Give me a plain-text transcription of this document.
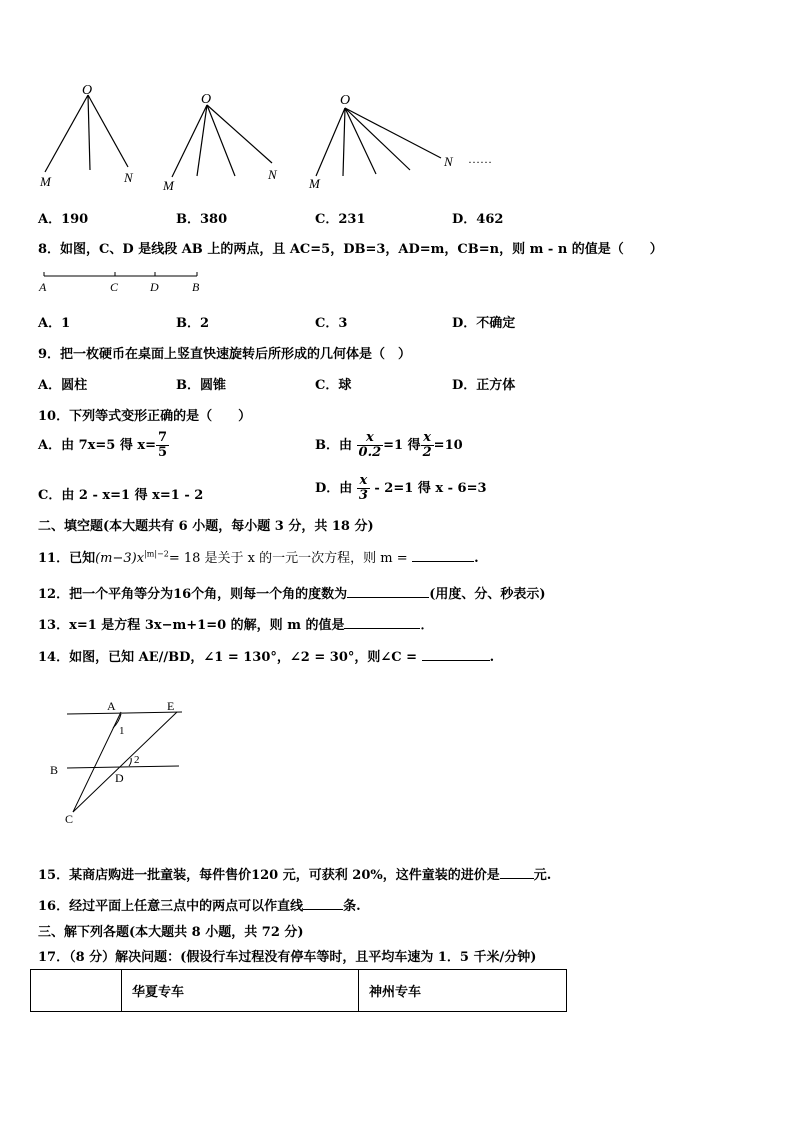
O
M	N
O
M
N
O
M
N ……
A．190	B．380	C．231	D．462
8．如图，C、D 是线段 AB 上的两点，且 AC=5，DB=3，AD=m，CB=n，则 m - n 的值是（　　）
A	C	D	B
A．1	B．2	C．3	D．不确定
9．把一枚硬币在桌面上竖直快速旋转后所形成的几何体是（　）
A．圆柱	B．圆锥	C．球	D．正方体
10．下列等式变形正确的是（　　）
A．由 7x=5 得 $x= \frac{7}{5}$	B．由 $\frac{x}{0.2} =1$ 得 $\frac{x}{2} =10$
C．由 2 - x=1 得 x=1 - 2	D．由 $\frac{x}{3} - 2=1$ 得 x - 6=3
二、填空题(本大题共有 6 小题，每小题 3 分，共 18 分)
11．已知$(m-3)x^{|m|-2}= 18$ 是关于 x 的一元一次方程，则 m =	.
12．把一个平角等分为16个角，则每一个角的度数为	(用度、分、秒表示)
13．x=1 是方程 3x−m+1=0 的解，则 m 的值是	．
14．如图，已知 AE//BD，∠1 = 130°，∠2 = 30°，则∠C =	.
A	E
1
B
2
D
C
15．某商店购进一批童装，每件售价120 元，可获利 20%，这件童装的进价是	元.
16．经过平面上任意三点中的两点可以作直线	条.
三、解下列各题(本大题共 8 小题，共 72 分)
17．（8 分）解决问题：(假设行车过程没有停车等时，且平均车速为 1．5 千米/分钟)
	华夏专车	神州专车
